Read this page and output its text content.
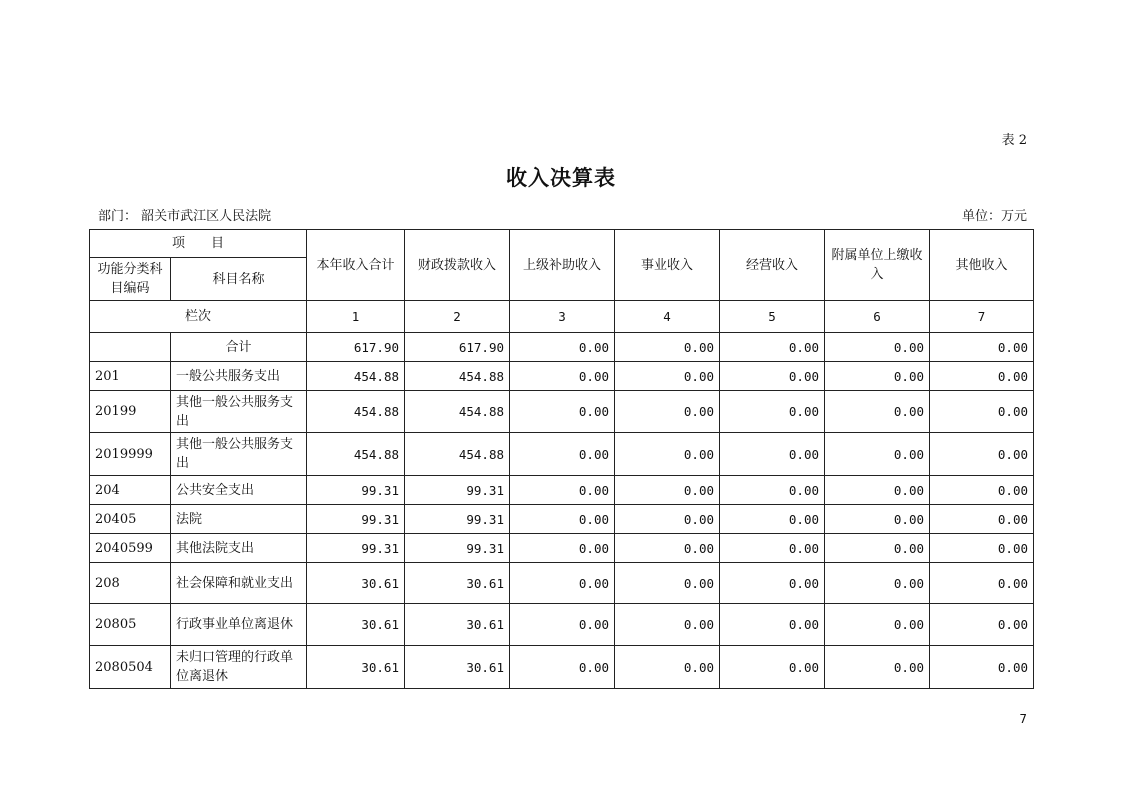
表 2
收入决算表
部门： 韶关市武江区人民法院	单位：万元
项　　目		本年收入合计	财政拨款收入	上级补助收入	事业收入	经营收入	附属单位上缴收入	其他收入
功能分类科目编码	科目名称							
栏次		1	2	3	4	5	6	7
	合计	617.90	617.90	0.00	0.00	0.00	0.00	0.00
201	一般公共服务支出	454.88	454.88	0.00	0.00	0.00	0.00	0.00
20199	其他一般公共服务支出	454.88	454.88	0.00	0.00	0.00	0.00	0.00
2019999	其他一般公共服务支出	454.88	454.88	0.00	0.00	0.00	0.00	0.00
204	公共安全支出	99.31	99.31	0.00	0.00	0.00	0.00	0.00
20405	法院	99.31	99.31	0.00	0.00	0.00	0.00	0.00
2040599	其他法院支出	99.31	99.31	0.00	0.00	0.00	0.00	0.00
208	社会保障和就业支出	30.61	30.61	0.00	0.00	0.00	0.00	0.00
20805	行政事业单位离退休	30.61	30.61	0.00	0.00	0.00	0.00	0.00
2080504	未归口管理的行政单位离退休	30.61	30.61	0.00	0.00	0.00	0.00	0.00
7
